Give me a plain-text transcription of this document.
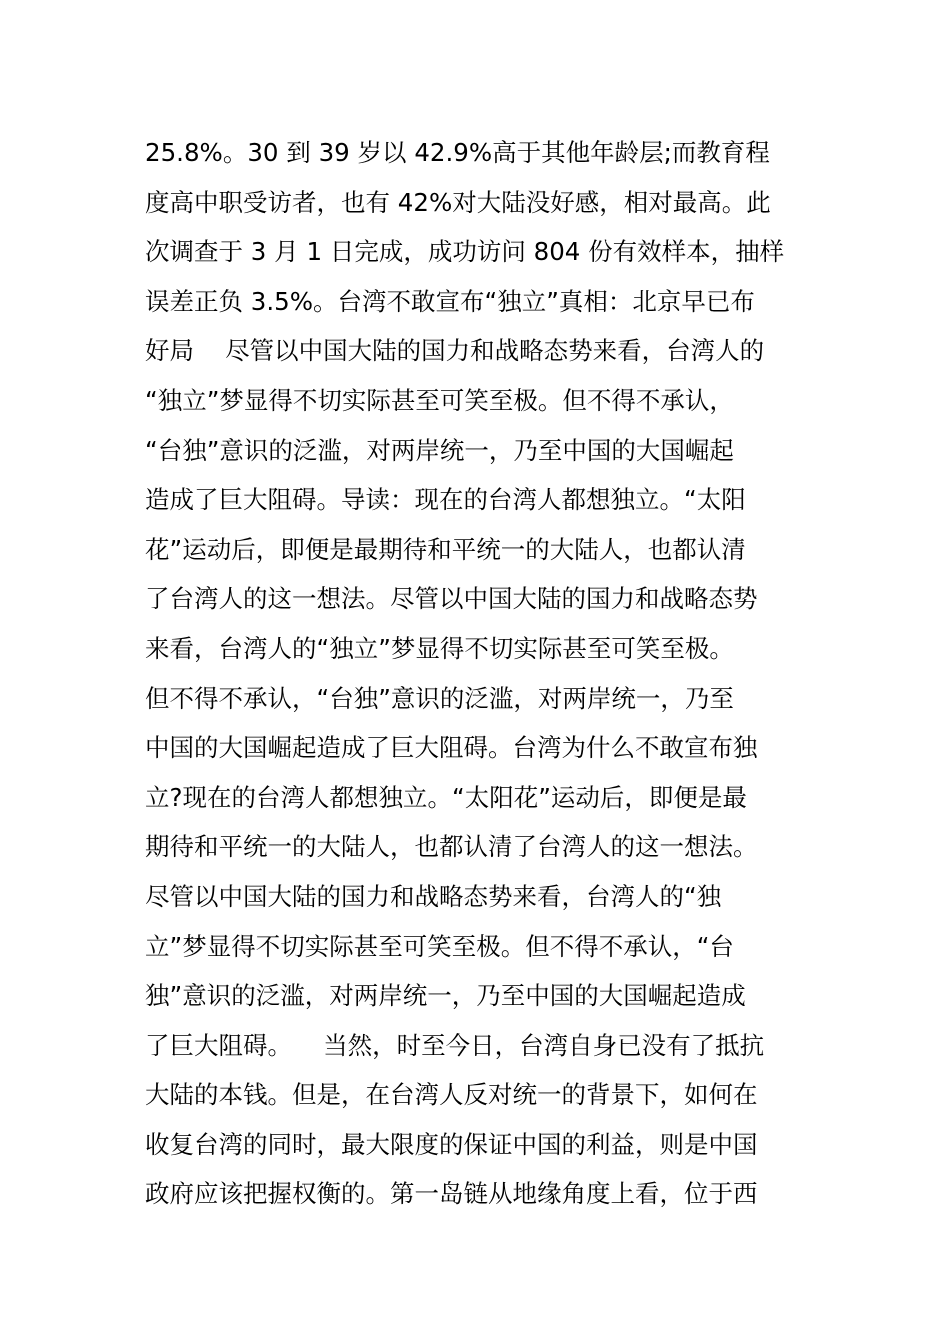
25.8%。30 到 39 岁以 42.9%高于其他年龄层;而教育程
度高中职受访者，也有 42%对大陆没好感，相对最高。此
次调查于 3 月 1 日完成，成功访问 804 份有效样本，抽样
误差正负 3.5%。台湾不敢宣布“独立”真相：北京早已布
好局    尽管以中国大陆的国力和战略态势来看，台湾人的
“独立”梦显得不切实际甚至可笑至极。但不得不承认，
“台独”意识的泛滥，对两岸统一，乃至中国的大国崛起
造成了巨大阻碍。导读：现在的台湾人都想独立。“太阳
花”运动后，即便是最期待和平统一的大陆人，也都认清
了台湾人的这一想法。尽管以中国大陆的国力和战略态势
来看，台湾人的“独立”梦显得不切实际甚至可笑至极。
但不得不承认，“台独”意识的泛滥，对两岸统一，乃至
中国的大国崛起造成了巨大阻碍。台湾为什么不敢宣布独
立?现在的台湾人都想独立。“太阳花”运动后，即便是最
期待和平统一的大陆人，也都认清了台湾人的这一想法。
尽管以中国大陆的国力和战略态势来看，台湾人的“独
立”梦显得不切实际甚至可笑至极。但不得不承认，“台
独”意识的泛滥，对两岸统一，乃至中国的大国崛起造成
了巨大阻碍。    当然，时至今日，台湾自身已没有了抵抗
大陆的本钱。但是，在台湾人反对统一的背景下，如何在
收复台湾的同时，最大限度的保证中国的利益，则是中国
政府应该把握权衡的。第一岛链从地缘角度上看，位于西
